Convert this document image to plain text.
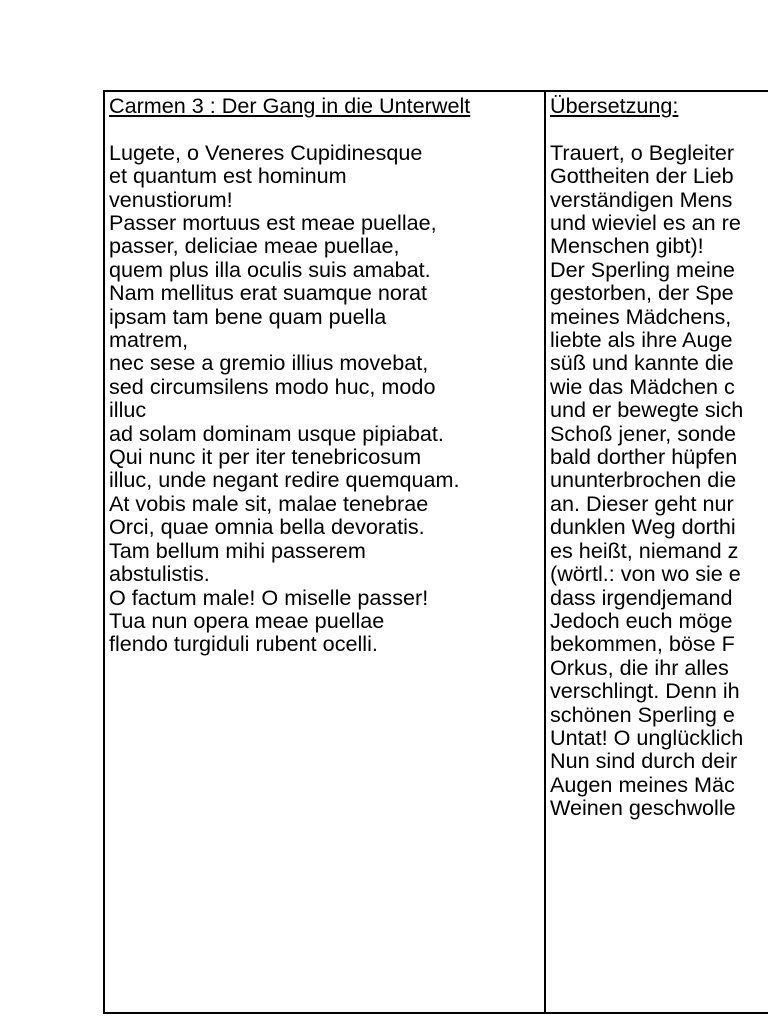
Carmen 3 : Der Gang in die Unterwelt
Lugete, o Veneres Cupidinesque
et quantum est hominum
venustiorum!
Passer mortuus est meae puellae,
passer, deliciae meae puellae,
quem plus illa oculis suis amabat.
Nam mellitus erat suamque norat
ipsam tam bene quam puella
matrem,
nec sese a gremio illius movebat,
sed circumsilens modo huc, modo
illuc
ad solam dominam usque pipiabat.
Qui nunc it per iter tenebricosum
illuc, unde negant redire quemquam.
At vobis male sit, malae tenebrae
Orci, quae omnia bella devoratis.
Tam bellum mihi passerem
abstulistis.
O factum male! O miselle passer!
Tua nun opera meae puellae
flendo turgiduli rubent ocelli.
Übersetzung:
Trauert, o Begleiter
Gottheiten der Lieb
verständigen Mens
und wieviel es an re
Menschen gibt)!
Der Sperling meine
gestorben, der Spe
meines Mädchens,
liebte als ihre Auge
süß und kannte die
wie das Mädchen c
und er bewegte sich
Schoß jener, sonde
bald dorther hüpfen
ununterbrochen die
an. Dieser geht nur
dunklen Weg dorthi
es heißt, niemand z
(wörtl.: von wo sie e
dass irgendjemand
Jedoch euch möge
bekommen, böse F
Orkus, die ihr alles
verschlingt. Denn ih
schönen Sperling e
Untat! O unglücklich
Nun sind durch deir
Augen meines Mäc
Weinen geschwolle
